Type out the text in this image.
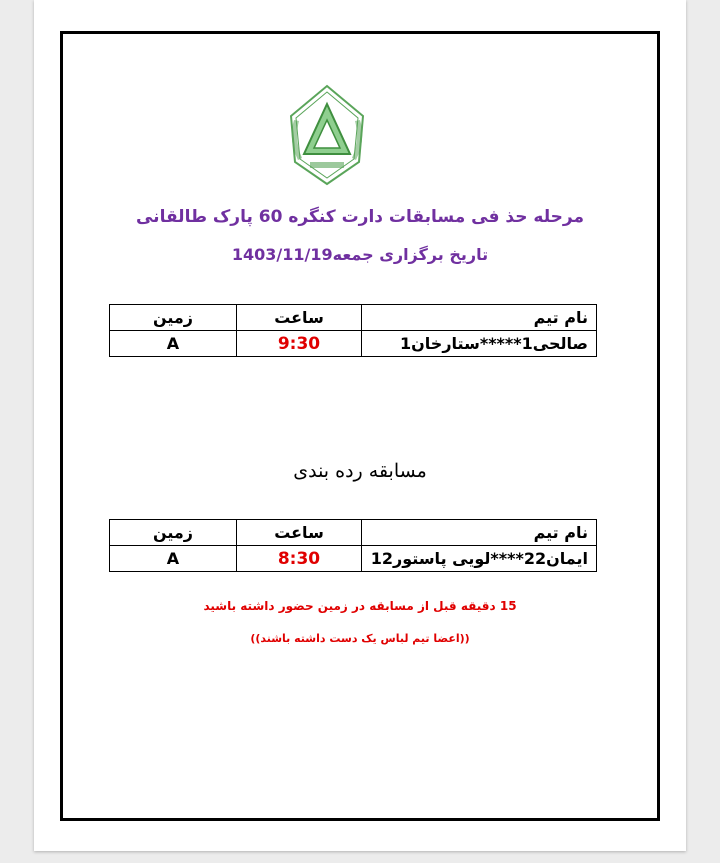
مرحله حذ فی مسابقات دارت کنگره 60 پارک طالقانی
تاریخ برگزاری جمعه1403/11/19
نام تیم	ساعت	زمین
صالحی1*****ستارخان1	9:30	A
مسابقه رده بندی
نام تیم	ساعت	زمین
ایمان22****لویی پاستور12	8:30	A
15 دقیقه قبل از مسابقه در زمین حضور داشته باشید
((اعضا تیم لباس یک دست داشته باشند))
